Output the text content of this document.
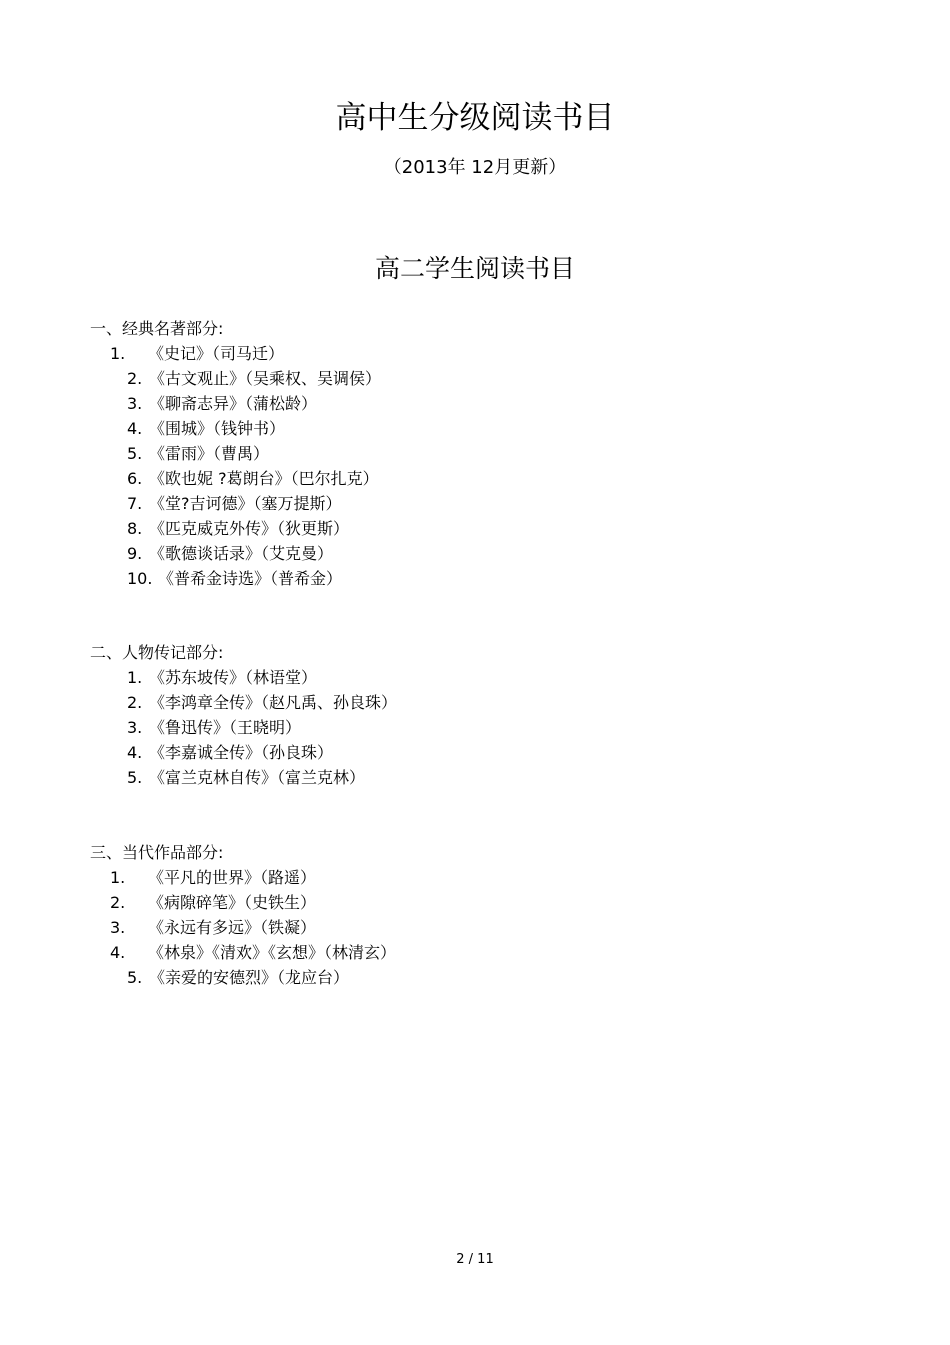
高中生分级阅读书目
（2013年 12月更新）
高二学生阅读书目
一、经典名著部分:
1. 《史记》（司马迁）
2. 《古文观止》（吴乘权、吴调侯）
3. 《聊斋志异》（蒲松龄）
4. 《围城》（钱钟书）
5. 《雷雨》（曹禺）
6. 《欧也妮 ?葛朗台》（巴尔扎克）
7. 《堂?吉诃德》（塞万提斯）
8. 《匹克威克外传》（狄更斯）
9. 《歌德谈话录》（艾克曼）
10. 《普希金诗选》（普希金）
二、人物传记部分:
1. 《苏东坡传》（林语堂）
2. 《李鸿章全传》（赵凡禹、孙良珠）
3. 《鲁迅传》（王晓明）
4. 《李嘉诚全传》（孙良珠）
5. 《富兰克林自传》（富兰克林）
三、当代作品部分:
1. 《平凡的世界》（路遥）
2. 《病隙碎笔》（史铁生）
3. 《永远有多远》（铁凝）
4. 《林泉》《清欢》《玄想》（林清玄）
5. 《亲爱的安德烈》（龙应台）
2 / 11
